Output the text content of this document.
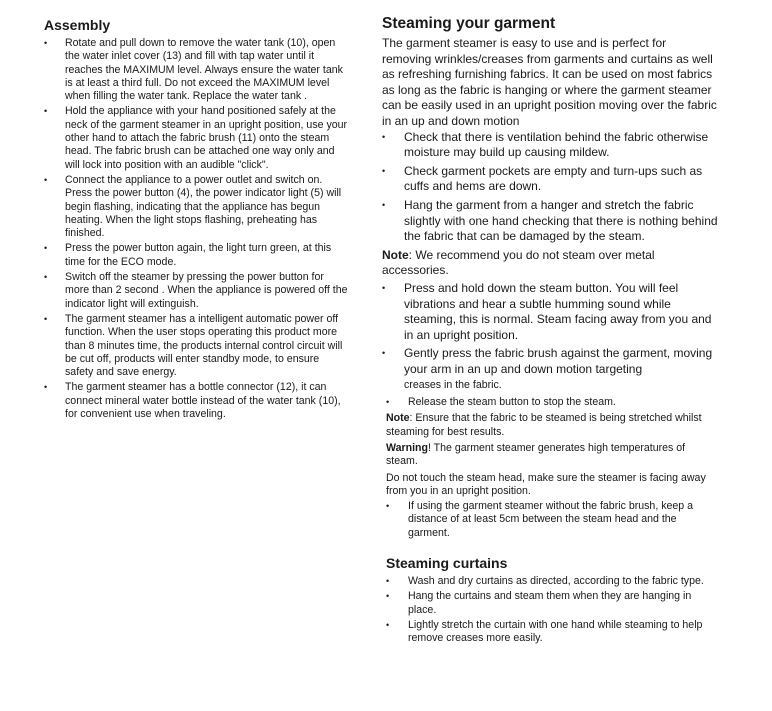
Assembly
• Rotate and pull down to remove the water tank (10), open the water inlet cover (13) and fill with tap water until it reaches the MAXIMUM level. Always ensure the water tank is at least a third full. Do not exceed the MAXIMUM level when filling the water tank. Replace the water tank .
• Hold the appliance with your hand positioned safely at the neck of the garment steamer in an upright position, use your other hand to attach the fabric brush (11) onto the steam head. The fabric brush can be attached one way only and will lock into position with an audible "click".
• Connect the appliance to a power outlet and switch on. Press the power button (4), the power indicator light (5) will begin flashing, indicating that the appliance has begun heating. When the light stops flashing, preheating has finished.
• Press the power button again, the light turn green, at this time for the ECO mode.
• Switch off the steamer by pressing the power button for more than 2 second . When the appliance is powered off the indicator light will extinguish.
• The garment steamer has a intelligent automatic power off function. When the user stops operating this product more than 8 minutes time, the products internal control circuit will be cut off, products will enter standby mode, to ensure safety and save energy.
• The garment steamer has a bottle connector (12), it can connect mineral water bottle instead of the water tank (10), for convenient use when traveling.
Steaming your garment

The garment steamer is easy to use and is perfect for removing wrinkles/creases from garments and curtains as well as refreshing furnishing fabrics. It can be used on most fabrics as long as the fabric is hanging or where the garment steamer can be easily used in an upright position moving over the fabric in an up and down motion

• Check that there is ventilation behind the fabric otherwise moisture may build up causing mildew.
• Check garment pockets are empty and turn-ups such as cuffs and hems are down.
• Hang the garment from a hanger and stretch the fabric slightly with one hand checking that there is nothing behind the fabric that can be damaged by the steam.

Note: We recommend you do not steam over metal accessories.

• Press and hold down the steam button. You will feel vibrations and hear a subtle humming sound while steaming, this is normal. Steam facing away from you and in an upright position.
• Gently press the fabric brush against the garment, moving your arm in an up and down motion targeting
creases in the fabric.
• Release the steam button to stop the steam.

Note: Ensure that the fabric to be steamed is being stretched whilst steaming for best results.

Warning! The garment steamer generates high temperatures of steam.

Do not touch the steam head, make sure the steamer is facing away from you in an upright position.

• If using the garment steamer without the fabric brush, keep a distance of at least 5cm between the steam head and the garment.
Steaming curtains
• Wash and dry curtains as directed, according to the fabric type.
• Hang the curtains and steam them when they are hanging in place.
• Lightly stretch the curtain with one hand while steaming to help remove creases more easily.
